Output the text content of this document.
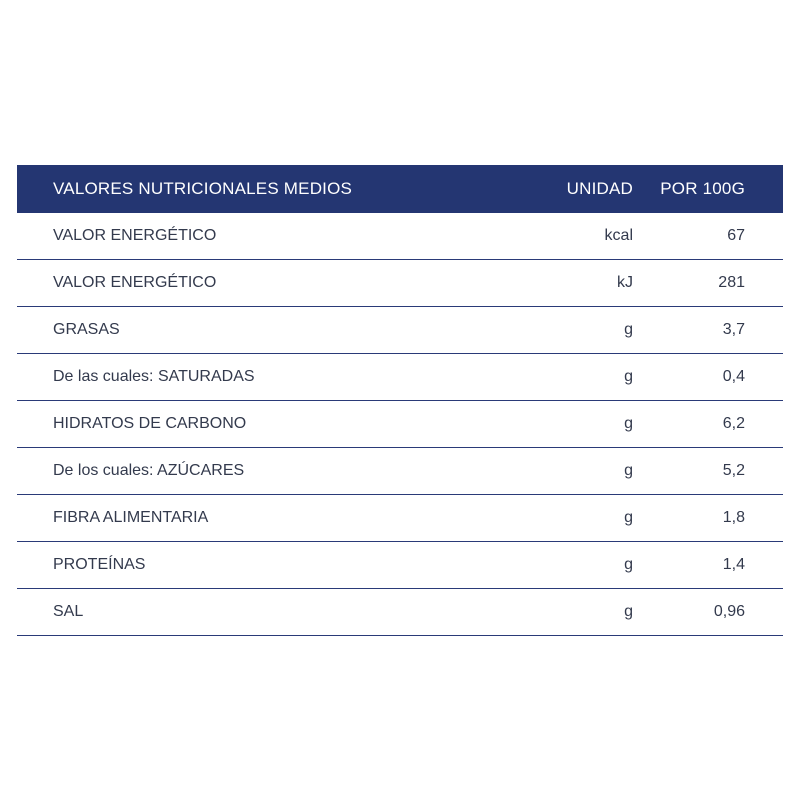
VALORES NUTRICIONALES MEDIOS	UNIDAD	POR 100G
VALOR ENERGÉTICO	kcal	67
VALOR ENERGÉTICO	kJ	281
GRASAS	g	3,7
De las cuales: SATURADAS	g	0,4
HIDRATOS DE CARBONO	g	6,2
De los cuales: AZÚCARES	g	5,2
FIBRA ALIMENTARIA	g	1,8
PROTEÍNAS	g	1,4
SAL	g	0,96
